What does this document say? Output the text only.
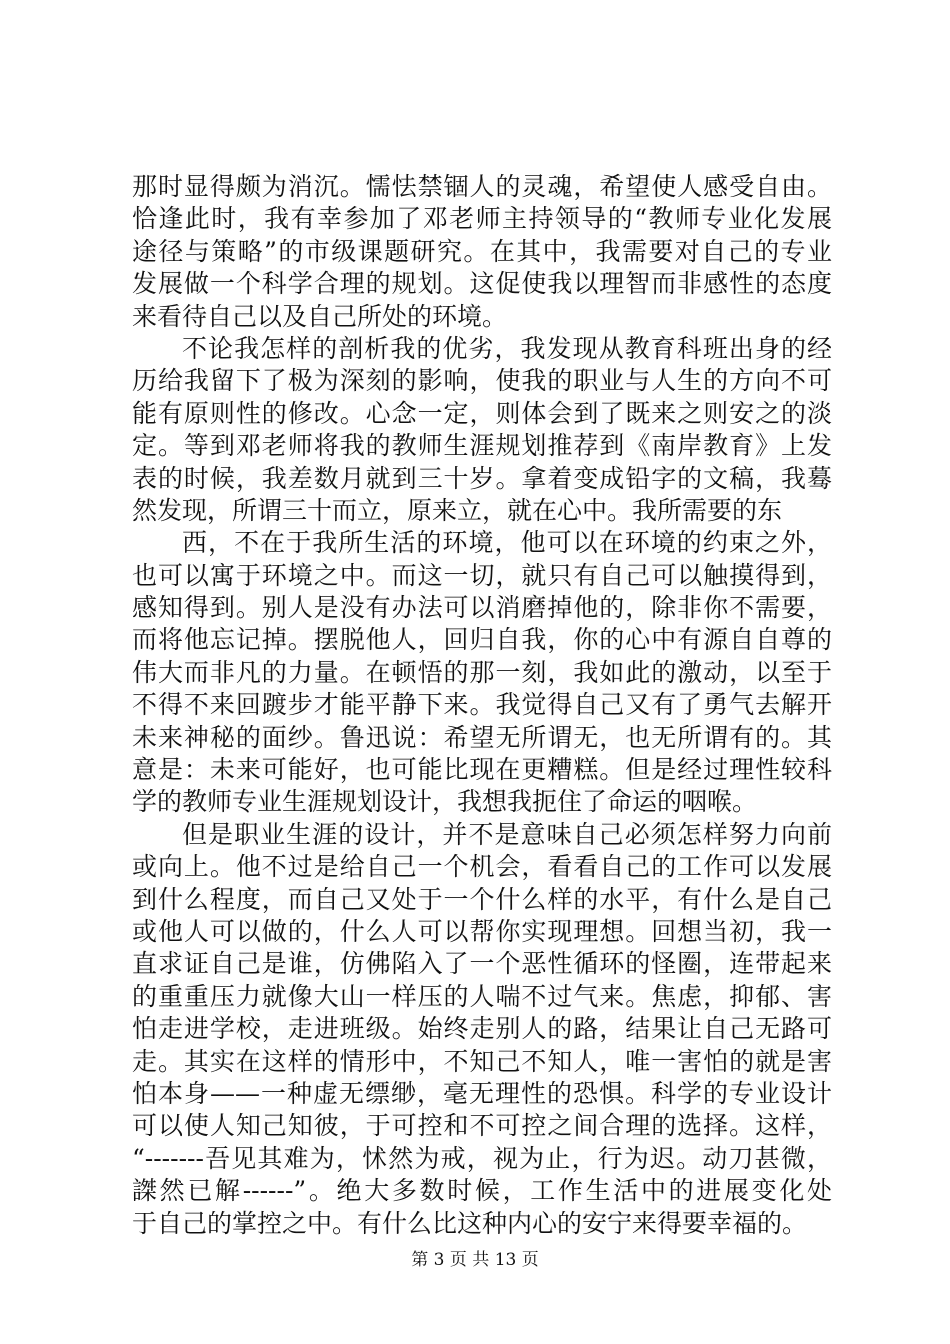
那时显得颇为消沉。懦怯禁锢人的灵魂，希望使人感受自由。
恰逢此时，我有幸参加了邓老师主持领导的“教师专业化发展
途径与策略”的市级课题研究。在其中，我需要对自己的专业
发展做一个科学合理的规划。这促使我以理智而非感性的态度
来看待自己以及自己所处的环境。
不论我怎样的剖析我的优劣，我发现从教育科班出身的经
历给我留下了极为深刻的影响，使我的职业与人生的方向不可
能有原则性的修改。心念一定，则体会到了既来之则安之的淡
定。等到邓老师将我的教师生涯规划推荐到《南岸教育》上发
表的时候，我差数月就到三十岁。拿着变成铅字的文稿，我蓦
然发现，所谓三十而立，原来立，就在心中。我所需要的东
西，不在于我所生活的环境，他可以在环境的约束之外，
也可以寓于环境之中。而这一切，就只有自己可以触摸得到，
感知得到。别人是没有办法可以消磨掉他的，除非你不需要，
而将他忘记掉。摆脱他人，回归自我，你的心中有源自自尊的
伟大而非凡的力量。在顿悟的那一刻，我如此的激动，以至于
不得不来回踱步才能平静下来。我觉得自己又有了勇气去解开
未来神秘的面纱。鲁迅说：希望无所谓无，也无所谓有的。其
意是：未来可能好，也可能比现在更糟糕。但是经过理性较科
学的教师专业生涯规划设计，我想我扼住了命运的咽喉。
但是职业生涯的设计，并不是意味自己必须怎样努力向前
或向上。他不过是给自己一个机会，看看自己的工作可以发展
到什么程度，而自己又处于一个什么样的水平，有什么是自己
或他人可以做的，什么人可以帮你实现理想。回想当初，我一
直求证自己是谁，仿佛陷入了一个恶性循环的怪圈，连带起来
的重重压力就像大山一样压的人喘不过气来。焦虑，抑郁、害
怕走进学校，走进班级。始终走别人的路，结果让自己无路可
走。其实在这样的情形中，不知己不知人，唯一害怕的就是害
怕本身——一种虚无缥缈，毫无理性的恐惧。科学的专业设计
可以使人知己知彼，于可控和不可控之间合理的选择。这样，
“-------吾见其难为，怵然为戒，视为止，行为迟。动刀甚微，
謋然已解------”。绝大多数时候，工作生活中的进展变化处
于自己的掌控之中。有什么比这种内心的安宁来得要幸福的。
第 3 页 共 13 页
